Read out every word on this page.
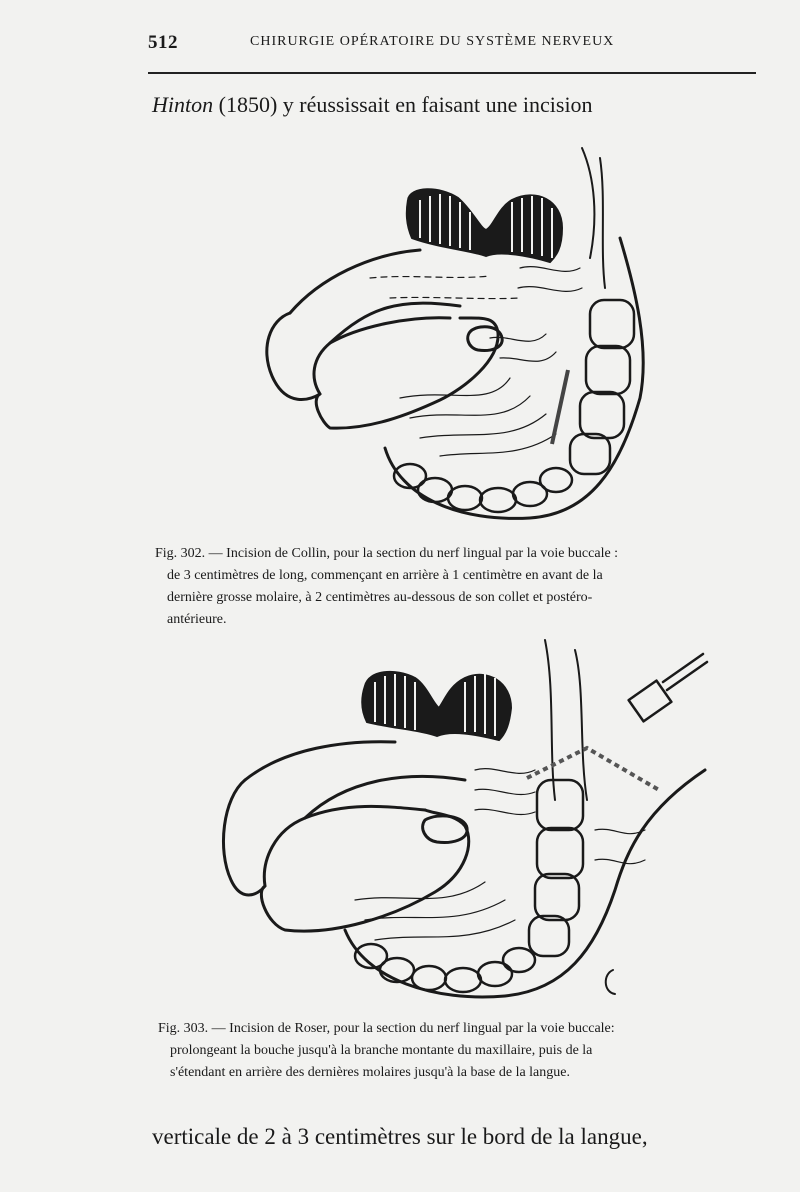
512	CHIRURGIE OPÉRATOIRE DU SYSTÈME NERVEUX
Hinton (1850) y réussissait en faisant une incision
Fig. 302. — Incision de Collin, pour la section du nerf lingual par la voie buccale :
de 3 centimètres de long, commençant en arrière à 1 centimètre en avant de la
dernière grosse molaire, à 2 centimètres au-dessous de son collet et postéro-
antérieure.
Fig. 303. — Incision de Roser, pour la section du nerf lingual par la voie buccale:
prolongeant la bouche jusqu'à la branche montante du maxillaire, puis de la
s'étendant en arrière des dernières molaires jusqu'à la base de la langue.
verticale de 2 à 3 centimètres sur le bord de la langue,
